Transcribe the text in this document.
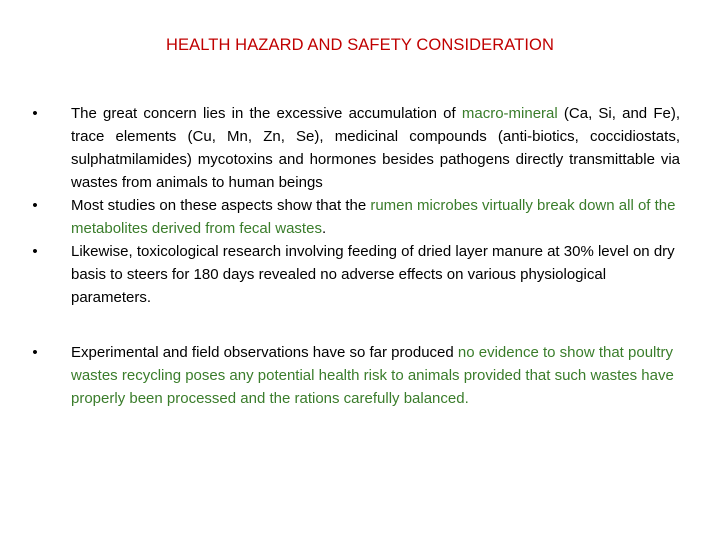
HEALTH HAZARD AND SAFETY CONSIDERATION
• The great concern lies in the excessive accumulation of macro-mineral (Ca, Si, and Fe), trace elements (Cu, Mn, Zn, Se), medicinal compounds (anti-biotics, coccidiostats, sulphatmilamides) mycotoxins and hormones besides pathogens directly transmittable via wastes from animals to human beings
• Most studies on these aspects show that the rumen microbes virtually break down all of the metabolites derived from fecal wastes.
• Likewise, toxicological research involving feeding of dried layer manure at 30% level on dry basis to steers for 180 days revealed no adverse effects on various physiological parameters.
• Experimental and field observations have so far produced no evidence to show that poultry wastes recycling poses any potential health risk to animals provided that such wastes have properly been processed and the rations carefully balanced.
